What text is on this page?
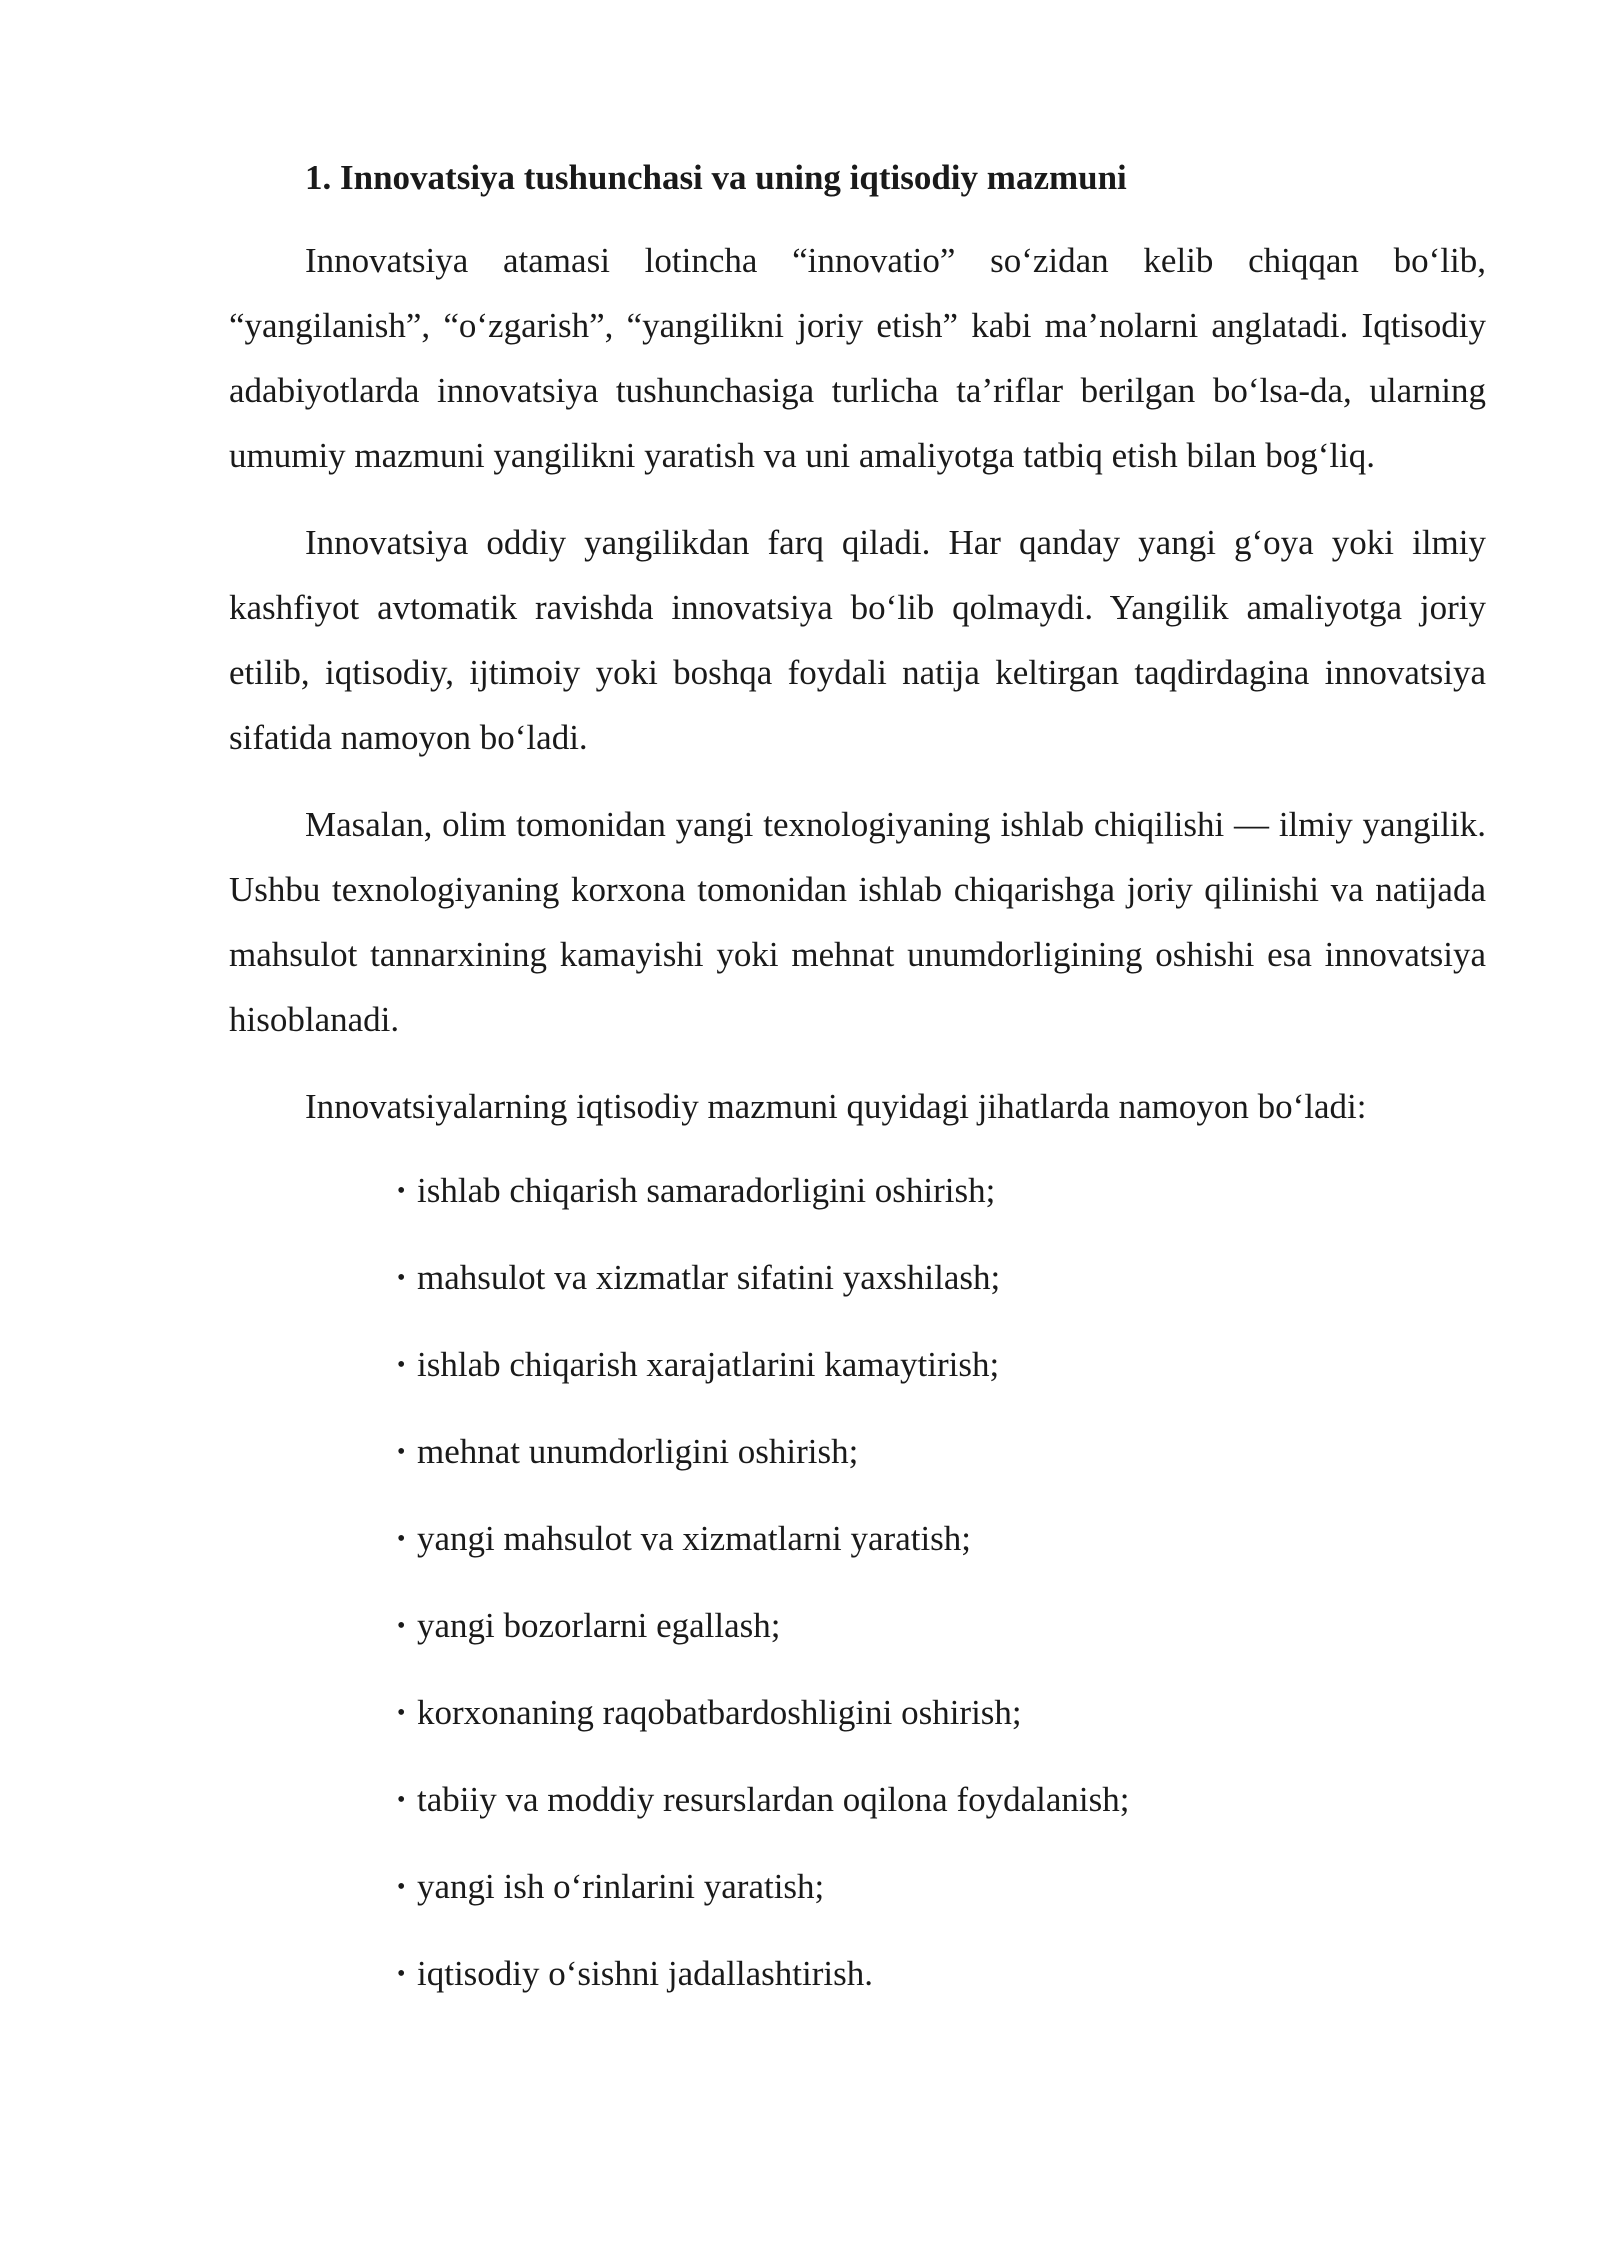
1. Innovatsiya tushunchasi va uning iqtisodiy mazmuni

Innovatsiya atamasi lotincha “innovatio” so‘zidan kelib chiqqan bo‘lib, “yangilanish”, “o‘zgarish”, “yangilikni joriy etish” kabi ma’nolarni anglatadi. Iqtisodiy adabiyotlarda innovatsiya tushunchasiga turlicha ta’riflar berilgan bo‘lsa-da, ularning umumiy mazmuni yangilikni yaratish va uni amaliyotga tatbiq etish bilan bog‘liq.

Innovatsiya oddiy yangilikdan farq qiladi. Har qanday yangi g‘oya yoki ilmiy kashfiyot avtomatik ravishda innovatsiya bo‘lib qolmaydi. Yangilik amaliyotga joriy etilib, iqtisodiy, ijtimoiy yoki boshqa foydali natija keltirgan taqdirdagina innovatsiya sifatida namoyon bo‘ladi.

Masalan, olim tomonidan yangi texnologiyaning ishlab chiqilishi — ilmiy yangilik. Ushbu texnologiyaning korxona tomonidan ishlab chiqarishga joriy qilinishi va natijada mahsulot tannarxining kamayishi yoki mehnat unumdorligining oshishi esa innovatsiya hisoblanadi.

Innovatsiyalarning iqtisodiy mazmuni quyidagi jihatlarda namoyon bo‘ladi:

• ishlab chiqarish samaradorligini oshirish;
• mahsulot va xizmatlar sifatini yaxshilash;
• ishlab chiqarish xarajatlarini kamaytirish;
• mehnat unumdorligini oshirish;
• yangi mahsulot va xizmatlarni yaratish;
• yangi bozorlarni egallash;
• korxonaning raqobatbardoshligini oshirish;
• tabiiy va moddiy resurslardan oqilona foydalanish;
• yangi ish o‘rinlarini yaratish;
• iqtisodiy o‘sishni jadallashtirish.
